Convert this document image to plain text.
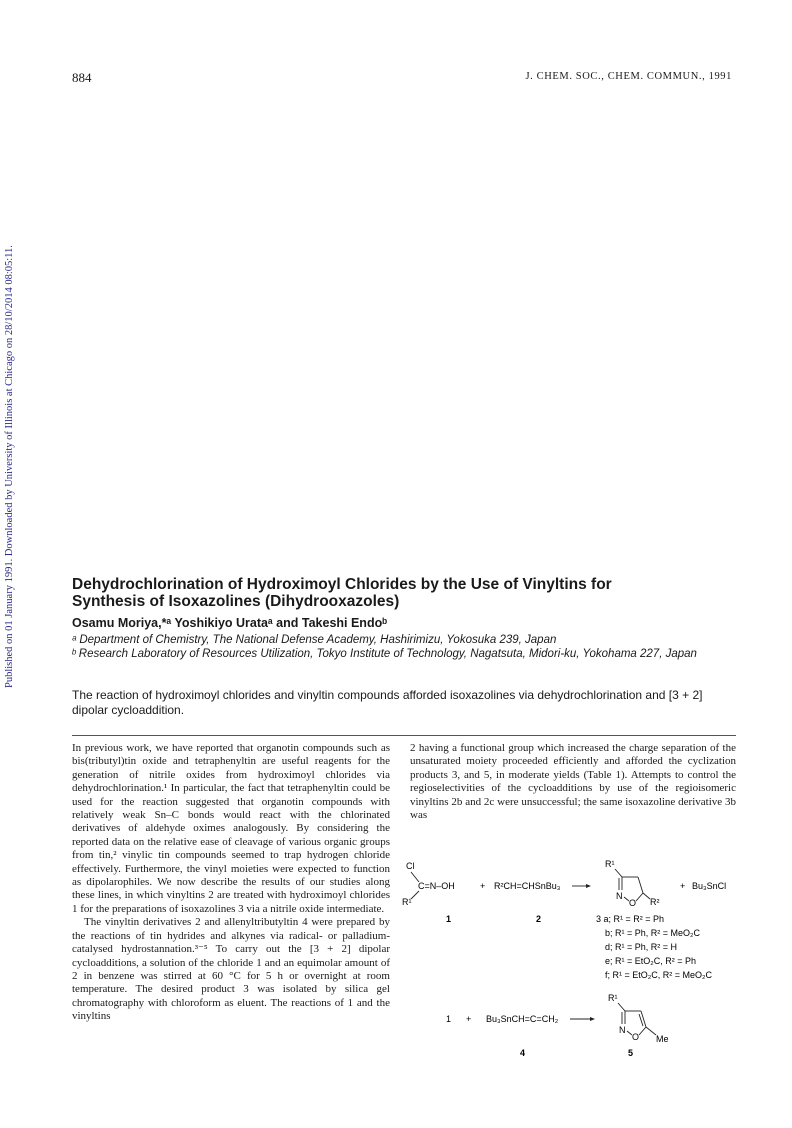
884	J. CHEM. SOC., CHEM. COMMUN., 1991
Published on 01 January 1991. Downloaded by University of Illinois at Chicago on 28/10/2014 08:05:11.	Dehydrochlorination of Hydroximoyl Chlorides by the Use of Vinyltins for
Synthesis of Isoxazolines (Dihydrooxazoles)
Osamu Moriya,*ᵃ Yoshikiyo Urataᵃ and Takeshi Endoᵇ
ᵃ Department of Chemistry, The National Defense Academy, Hashirimizu, Yokosuka 239, Japan
ᵇ Research Laboratory of Resources Utilization, Tokyo Institute of Technology, Nagatsuta, Midori-ku, Yokohama 227, Japan
The reaction of hydroximoyl chlorides and vinyltin compounds afforded isoxazolines via dehydrochlorination and [3 + 2] dipolar cycloaddition.

In previous work, we have reported that organotin compounds such as bis(tributyl)tin oxide and tetraphenyltin are useful reagents for the generation of nitrile oxides from hydroximoyl chlorides via dehydrochlorination.¹ In particular, the fact that tetraphenyltin could be used for the reaction suggested that organotin compounds with relatively weak Sn–C bonds would react with the chlorinated derivatives of aldehyde oximes analogously. By considering the reported data on the relative ease of cleavage of various organic groups from tin,² vinylic tin compounds seemed to trap hydrogen chloride effectively. Furthermore, the vinyl moieties were expected to function as dipolarophiles. We now describe the results of our studies along these lines, in which vinyltins 2 are treated with hydroximoyl chlorides 1 for the preparations of isoxazolines 3 via a nitrile oxide intermediate.

The vinyltin derivatives 2 and allenyltributyltin 4 were prepared by the reactions of tin hydrides and alkynes via radical- or palladium-catalysed hydrostannation.³⁻⁵ To carry out the [3 + 2] dipolar cycloadditions, a solution of the chloride 1 and an equimolar amount of 2 in benzene was stirred at 60 °C for 5 h or overnight at room temperature. The desired product 3 was isolated by silica gel chromatography with chloroform as eluent. The reactions of 1 and the vinyltins

2 having a functional group which increased the charge separation of the unsaturated moiety proceeded efficiently and afforded the cyclization products 3, and 5, in moderate yields (Table 1). Attempts to control the regioselectivities of the cycloadditions by use of the regioisomeric vinyltins 2b and 2c were unsuccessful; the same isoxazoline derivative 3b was

Cl
C=N–OH
R¹
+ R²CH=CHSnBu₃
R¹
N
O R²
+ Bu₃SnCl
1	2	3 a; R¹ = R² = Ph
b; R¹ = Ph, R² = MeO₂C
d; R¹ = Ph, R² = H
e; R¹ = EtO₂C, R² = Ph
f; R¹ = EtO₂C, R² = MeO₂C
1 + Bu₃SnCH=C=CH₂
R¹
N
O Me
4	5
